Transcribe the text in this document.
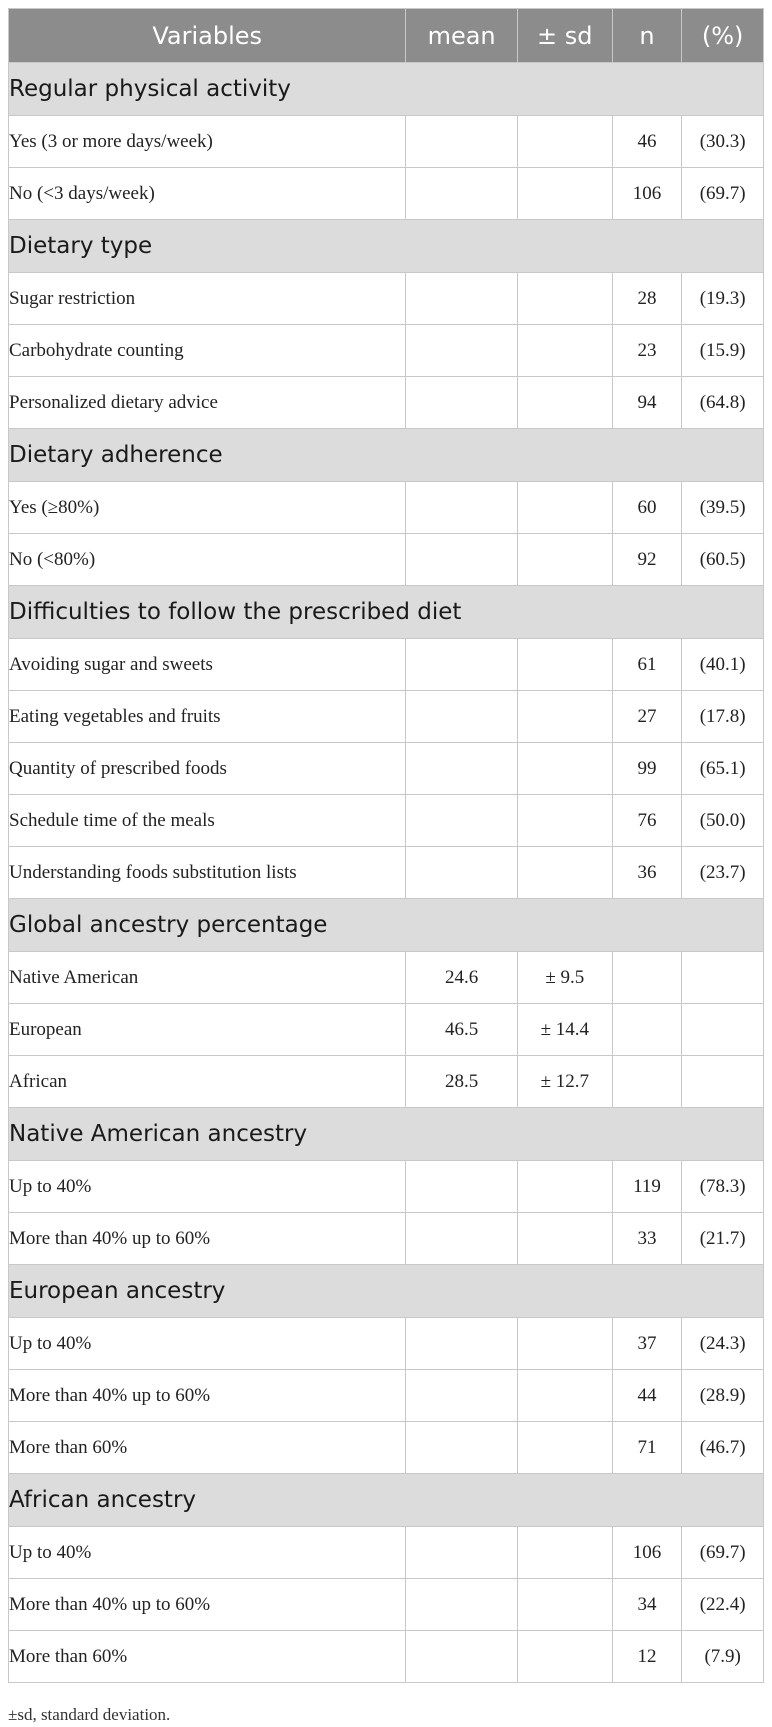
Variables	mean	± sd	n	(%)
Regular physical activity				
Yes (3 or more days/week)			46	(30.3)
No (<3 days/week)			106	(69.7)
Dietary type				
Sugar restriction			28	(19.3)
Carbohydrate counting			23	(15.9)
Personalized dietary advice			94	(64.8)
Dietary adherence				
Yes (≥80%)			60	(39.5)
No (<80%)			92	(60.5)
Difficulties to follow the prescribed diet				
Avoiding sugar and sweets			61	(40.1)
Eating vegetables and fruits			27	(17.8)
Quantity of prescribed foods			99	(65.1)
Schedule time of the meals			76	(50.0)
Understanding foods substitution lists			36	(23.7)
Global ancestry percentage				
Native American	24.6	± 9.5		
European	46.5	± 14.4		
African	28.5	± 12.7		
Native American ancestry				
Up to 40%			119	(78.3)
More than 40% up to 60%			33	(21.7)
European ancestry				
Up to 40%			37	(24.3)
More than 40% up to 60%			44	(28.9)
More than 60%			71	(46.7)
African ancestry				
Up to 40%			106	(69.7)
More than 40% up to 60%			34	(22.4)
More than 60%			12	(7.9)
±sd, standard deviation.
